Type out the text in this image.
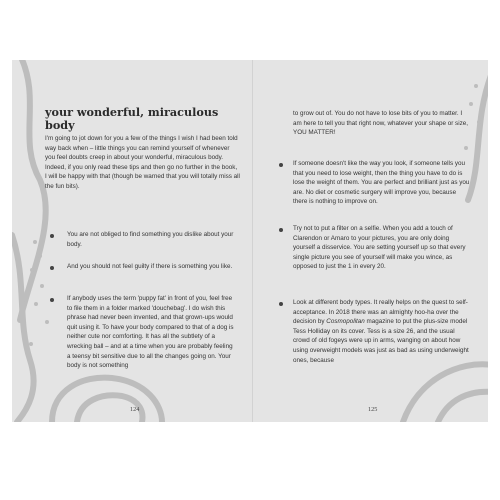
your wonderful, miraculous body

I'm going to jot down for you a few of the things I wish I had been told way back when – little things you can remind yourself of whenever you feel doubts creep in about your wonderful, miraculous body. Indeed, if you only read these tips and then go no further in the book, I will be happy with that (though be warned that you will totally miss all the fun bits).

You are not obliged to find something you dislike about your body.

And you should not feel guilty if there is something you like.

If anybody uses the term 'puppy fat' in front of you, feel free to file them in a folder marked 'douchebag'. I do wish this phrase had never been invented, and that grown-ups would quit using it. To have your body compared to that of a dog is neither cute nor comforting. It has all the subtlety of a wrecking ball – and at a time when you are probably feeling a teensy bit sensitive due to all the changes going on. Your body is not something

124

to grow out of. You do not have to lose bits of you to matter. I am here to tell you that right now, whatever your shape or size, YOU MATTER!

If someone doesn't like the way you look, if someone tells you that you need to lose weight, then the thing you have to do is lose the weight of them. You are perfect and brilliant just as you are. No diet or cosmetic surgery will improve you, because there is nothing to improve on.

Try not to put a filter on a selfie. When you add a touch of Clarendon or Amaro to your pictures, you are only doing yourself a disservice. You are setting yourself up so that every single picture you see of yourself will make you wince, as opposed to just the 1 in every 20.

Look at different body types. It really helps on the quest to self-acceptance. In 2018 there was an almighty hoo-ha over the decision by Cosmopolitan magazine to put the plus-size model Tess Holliday on its cover. Tess is a size 26, and the usual crowd of old fogeys were up in arms, wanging on about how using overweight models was just as bad as using underweight ones, because

125
